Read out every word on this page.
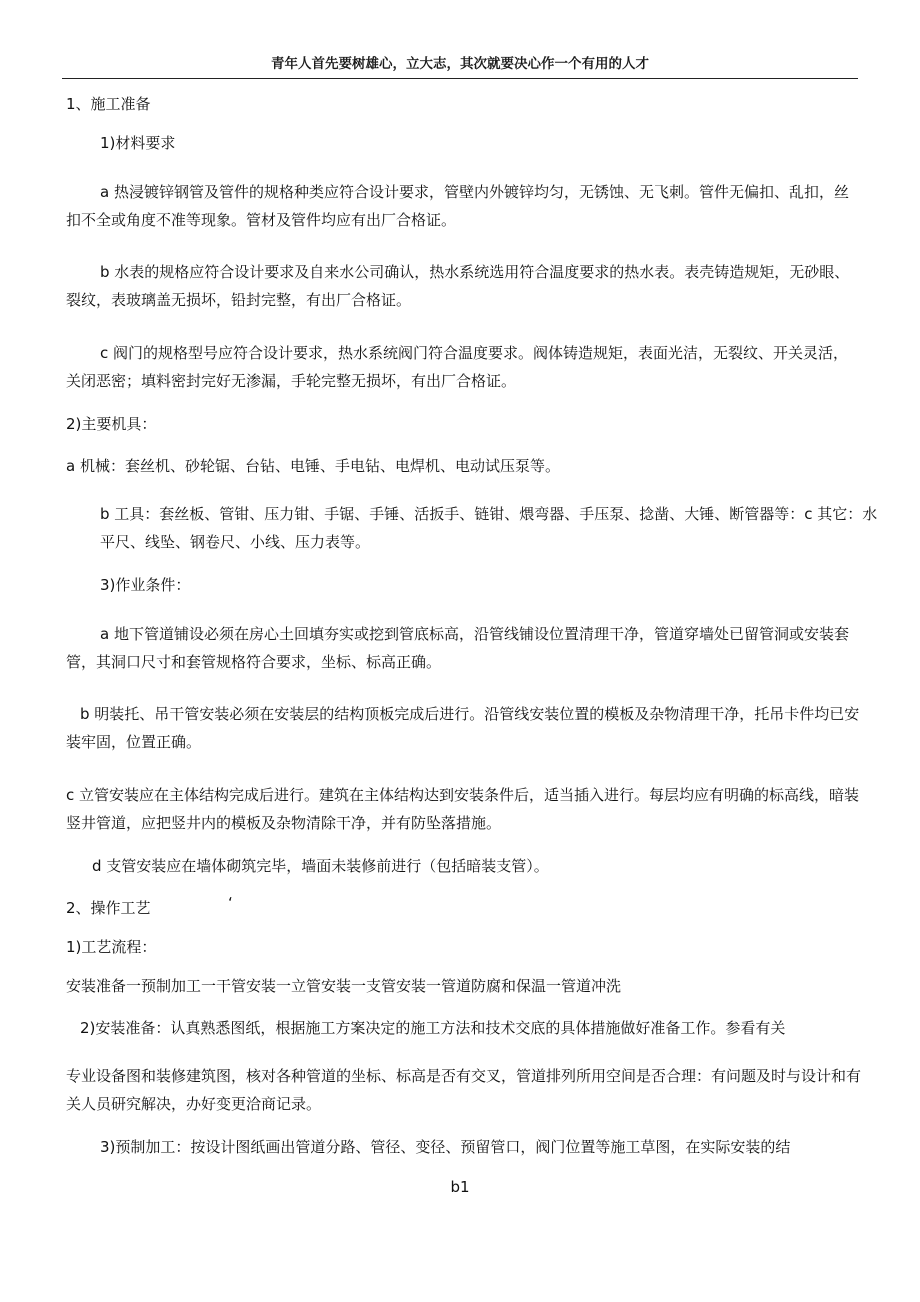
青年人首先要树雄心，立大志，其次就要决心作一个有用的人才
1、施工准备
1)材料要求
a 热浸镀锌钢管及管件的规格种类应符合设计要求，管壁内外镀锌均匀，无锈蚀、无飞刺。管件无偏扣、乱扣，丝扣不全或角度不准等现象。管材及管件均应有出厂合格证。
b 水表的规格应符合设计要求及自来水公司确认，热水系统选用符合温度要求的热水表。表壳铸造规矩，无砂眼、裂纹，表玻璃盖无损坏，铅封完整，有出厂合格证。
c 阀门的规格型号应符合设计要求，热水系统阀门符合温度要求。阀体铸造规矩，表面光洁，无裂纹、开关灵活，关闭恶密；填料密封完好无渗漏，手轮完整无损坏，有出厂合格证。
2)主要机具：
a 机械：套丝机、砂轮锯、台钻、电锤、手电钻、电焊机、电动试压泵等。
b 工具：套丝板、管钳、压力钳、手锯、手锤、活扳手、链钳、煨弯器、手压泵、捻凿、大锤、断管器等：c 其它：水平尺、线坠、钢卷尺、小线、压力表等。
3)作业条件：
a 地下管道铺设必须在房心土回填夯实或挖到管底标高，沿管线铺设位置清理干净，管道穿墙处已留管洞或安装套管，其洞口尺寸和套管规格符合要求，坐标、标高正确。
b 明装托、吊干管安装必须在安装层的结构顶板完成后进行。沿管线安装位置的模板及杂物清理干净，托吊卡件均已安装牢固，位置正确。
c 立管安装应在主体结构完成后进行。建筑在主体结构达到安装条件后，适当插入进行。每层均应有明确的标高线，暗装竖井管道，应把竖井内的模板及杂物清除干净，并有防坠落措施。
d 支管安装应在墙体砌筑完毕，墙面未装修前进行（包括暗装支管）。
2、操作工艺	‘
1)工艺流程：
安装准备一预制加工一干管安装一立管安装一支管安装一管道防腐和保温一管道冲洗
2)安装准备：认真熟悉图纸，根据施工方案决定的施工方法和技术交底的具体措施做好准备工作。参看有关
专业设备图和装修建筑图，核对各种管道的坐标、标高是否有交叉，管道排列所用空间是否合理：有问题及时与设计和有关人员研究解决，办好变更洽商记录。
3)预制加工：按设计图纸画出管道分路、管径、变径、预留管口，阀门位置等施工草图，在实际安装的结
b1
